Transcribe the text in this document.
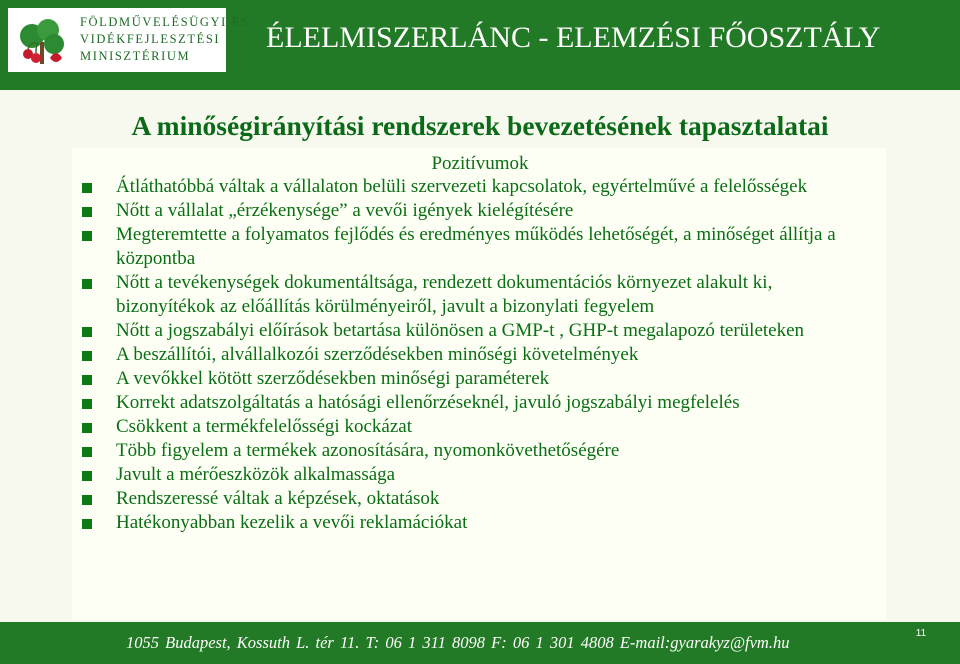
FÖLDMŰVELÉSÜGYI ÉS
VIDÉKFEJLESZTÉSI
MINISZTÉRIUM
ÉLELMISZERLÁNC - ELEMZÉSI FŐOSZTÁLY
A minőségirányítási rendszerek bevezetésének tapasztalatai
Pozitívumok
Átláthatóbbá váltak a vállalaton belüli szervezeti kapcsolatok, egyértelművé a felelősségek
Nőtt a vállalat „érzékenysége” a vevői igények kielégítésére
Megteremtette a folyamatos fejlődés és eredményes működés lehetőségét, a minőséget állítja a központba
Nőtt a tevékenységek dokumentáltsága, rendezett dokumentációs környezet alakult ki, bizonyítékok az előállítás körülményeiről, javult a bizonylati fegyelem
Nőtt a jogszabályi előírások betartása különösen a GMP-t , GHP-t megalapozó területeken
A beszállítói, alvállalkozói szerződésekben minőségi követelmények
A vevőkkel kötött szerződésekben minőségi paraméterek
Korrekt adatszolgáltatás a hatósági ellenőrzéseknél, javuló jogszabályi megfelelés
Csökkent a termékfelelősségi kockázat
Több figyelem a termékek azonosítására, nyomonkövethetőségére
Javult a mérőeszközök alkalmassága
Rendszeressé váltak a képzések, oktatások
Hatékonyabban kezelik a vevői reklamációkat
1055 Budapest, Kossuth L. tér 11. T: 06 1 311 8098 F: 06 1 301 4808 E-mail:gyarakyz@fvm.hu	11
